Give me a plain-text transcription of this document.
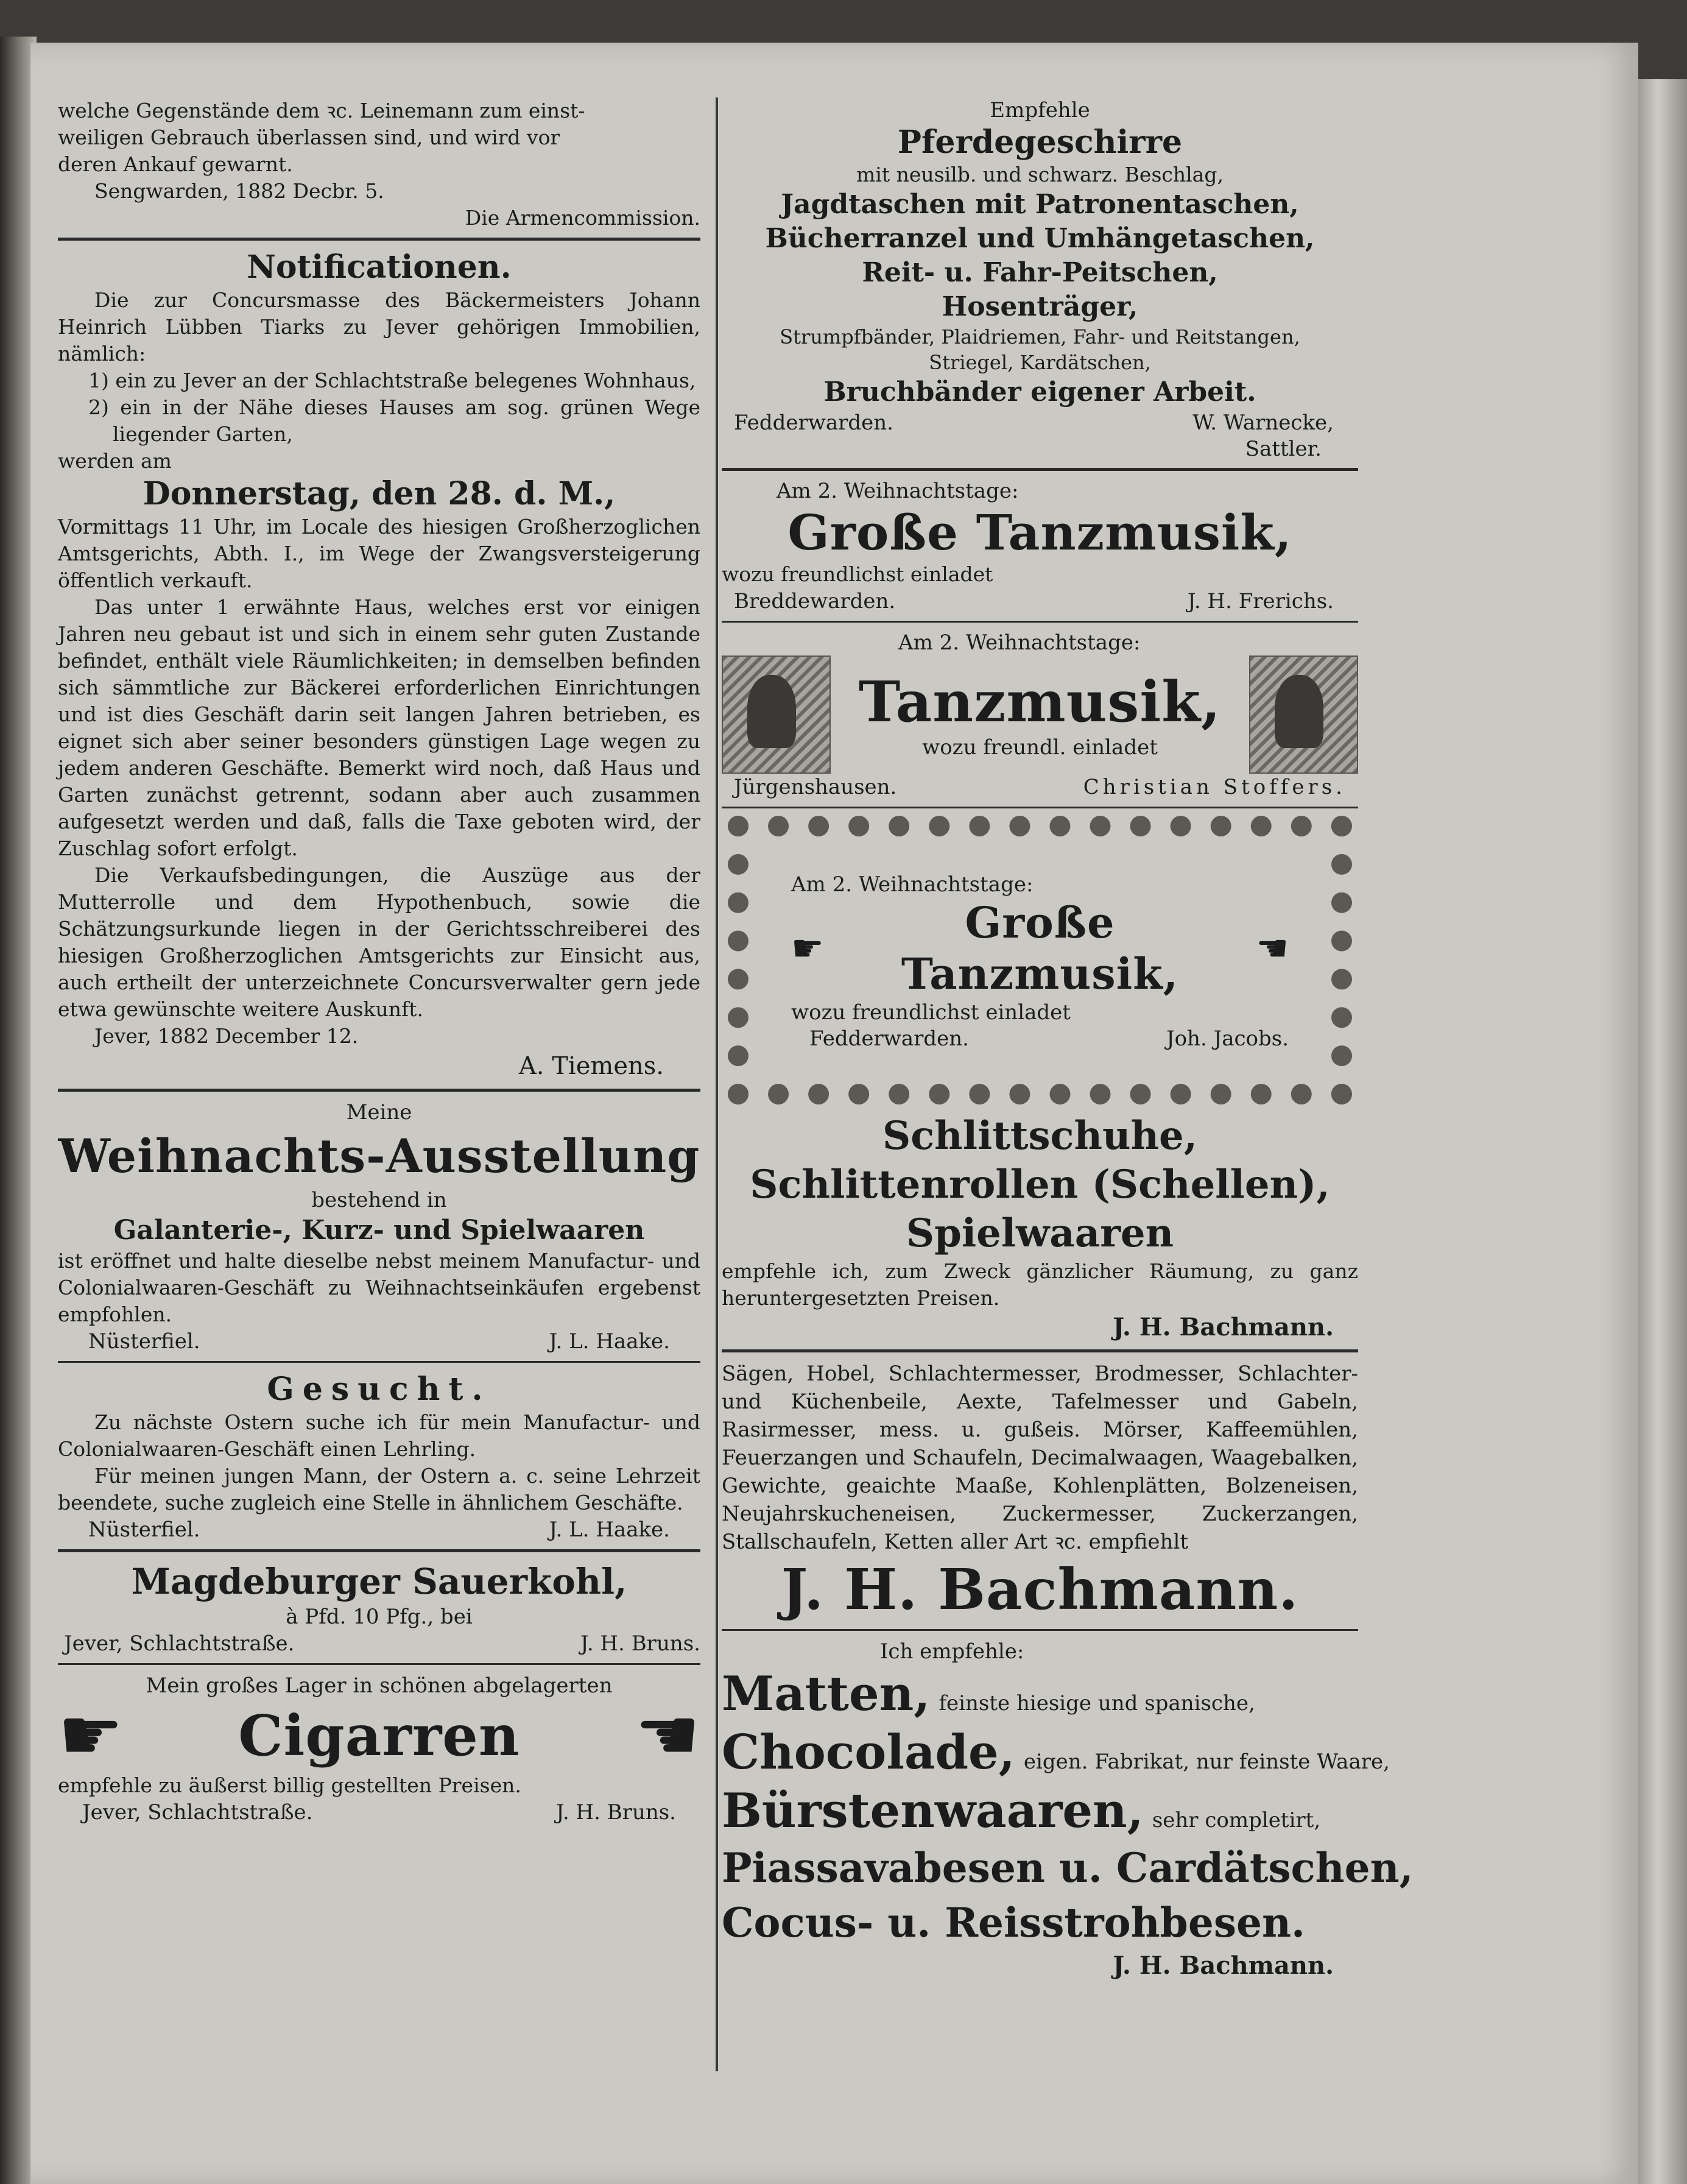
welche Gegenstände dem ꝛc. Leinemann zum einst-

weiligen Gebrauch überlassen sind, und wird vor

deren Ankauf gewarnt.

Sengwarden, 1882 Decbr. 5.

Die Armencommission.

Notificationen.

Die zur Concursmasse des Bäckermeisters Johann Heinrich Lübben Tiarks zu Jever gehörigen Immobilien, nämlich:

1) ein zu Jever an der Schlachtstraße belegenes Wohnhaus,

2) ein in der Nähe dieses Hauses am sog. grünen Wege liegender Garten,

werden am

Donnerstag, den 28. d. M.,

Vormittags 11 Uhr, im Locale des hiesigen Großherzoglichen Amtsgerichts, Abth. I., im Wege der Zwangsversteigerung öffentlich verkauft.

Das unter 1 erwähnte Haus, welches erst vor einigen Jahren neu gebaut ist und sich in einem sehr guten Zustande befindet, enthält viele Räumlichkeiten; in demselben befinden sich sämmtliche zur Bäckerei erforderlichen Einrichtungen und ist dies Geschäft darin seit langen Jahren betrieben, es eignet sich aber seiner besonders günstigen Lage wegen zu jedem anderen Geschäfte. Bemerkt wird noch, daß Haus und Garten zunächst getrennt, sodann aber auch zusammen aufgesetzt werden und daß, falls die Taxe geboten wird, der Zuschlag sofort erfolgt.

Die Verkaufsbedingungen, die Auszüge aus der Mutterrolle und dem Hypothenbuch, sowie die Schätzungsurkunde liegen in der Gerichtsschreiberei des hiesigen Großherzoglichen Amtsgerichts zur Einsicht aus, auch ertheilt der unterzeichnete Concursverwalter gern jede etwa gewünschte weitere Auskunft.

Jever, 1882 December 12.

A. Tiemens.

Meine

Weihnachts-Ausstellung

bestehend in

Galanterie-, Kurz- und Spielwaaren

ist eröffnet und halte dieselbe nebst meinem Manufactur- und Colonialwaaren-Geschäft zu Weihnachtseinkäufen ergebenst empfohlen.

Nüsterfiel.	J. L. Haake.

Gesucht.

Zu nächste Ostern suche ich für mein Manufactur- und Colonialwaaren-Geschäft einen Lehrling.

Für meinen jungen Mann, der Ostern a. c. seine Lehrzeit beendete, suche zugleich eine Stelle in ähnlichem Geschäfte.

Nüsterfiel.	J. L. Haake.

Magdeburger Sauerkohl,

à Pfd. 10 Pfg., bei

Jever, Schlachtstraße.	J. H. Bruns.

Mein großes Lager in schönen abgelagerten

☛ Cigarren ☚

empfehle zu äußerst billig gestellten Preisen.

Jever, Schlachtstraße.	J. H. Bruns.

Empfehle

Pferdegeschirre

mit neusilb. und schwarz. Beschlag,

Jagdtaschen mit Patronentaschen,

Bücherranzel und Umhängetaschen,

Reit- u. Fahr-Peitschen,

Hosenträger,

Strumpfbänder, Plaidriemen, Fahr- und Reitstangen,

Striegel, Kardätschen,

Bruchbänder eigener Arbeit.

Fedderwarden.	W. Warnecke,

Sattler.

Am 2. Weihnachtstage:

Große Tanzmusik,

wozu freundlichst einladet

Breddewarden.	J. H. Frerichs.

Am 2. Weihnachtstage:

Tanzmusik,

wozu freundl. einladet

Jürgenshausen.	Christian Stoffers.

Am 2. Weihnachtstage:

☛
Große Tanzmusik,	☚

wozu freundlichst einladet

Fedderwarden.	Joh. Jacobs.

Schlittschuhe,

Schlittenrollen (Schellen),

Spielwaaren

empfehle ich, zum Zweck gänzlicher Räumung, zu ganz heruntergesetzten Preisen.

J. H. Bachmann.

Sägen, Hobel, Schlachtermesser, Brodmesser, Schlachter- und Küchenbeile, Aexte, Tafelmesser und Gabeln, Rasirmesser, mess. u. gußeis. Mörser, Kaffeemühlen, Feuerzangen und Schaufeln, Decimalwaagen, Waagebalken, Gewichte, geaichte Maaße, Kohlenplätten, Bolzeneisen, Neujahrskucheneisen, Zuckermesser, Zuckerzangen, Stallschaufeln, Ketten aller Art ꝛc. empfiehlt

J. H. Bachmann.

Ich empfehle:

Matten, feinste hiesige und spanische,
Chocolade, eigen. Fabrikat, nur feinste Waare,
Bürstenwaaren, sehr completirt,

Piassavabesen u. Cardätschen,

Cocus- u. Reisstrohbesen.

J. H. Bachmann.
